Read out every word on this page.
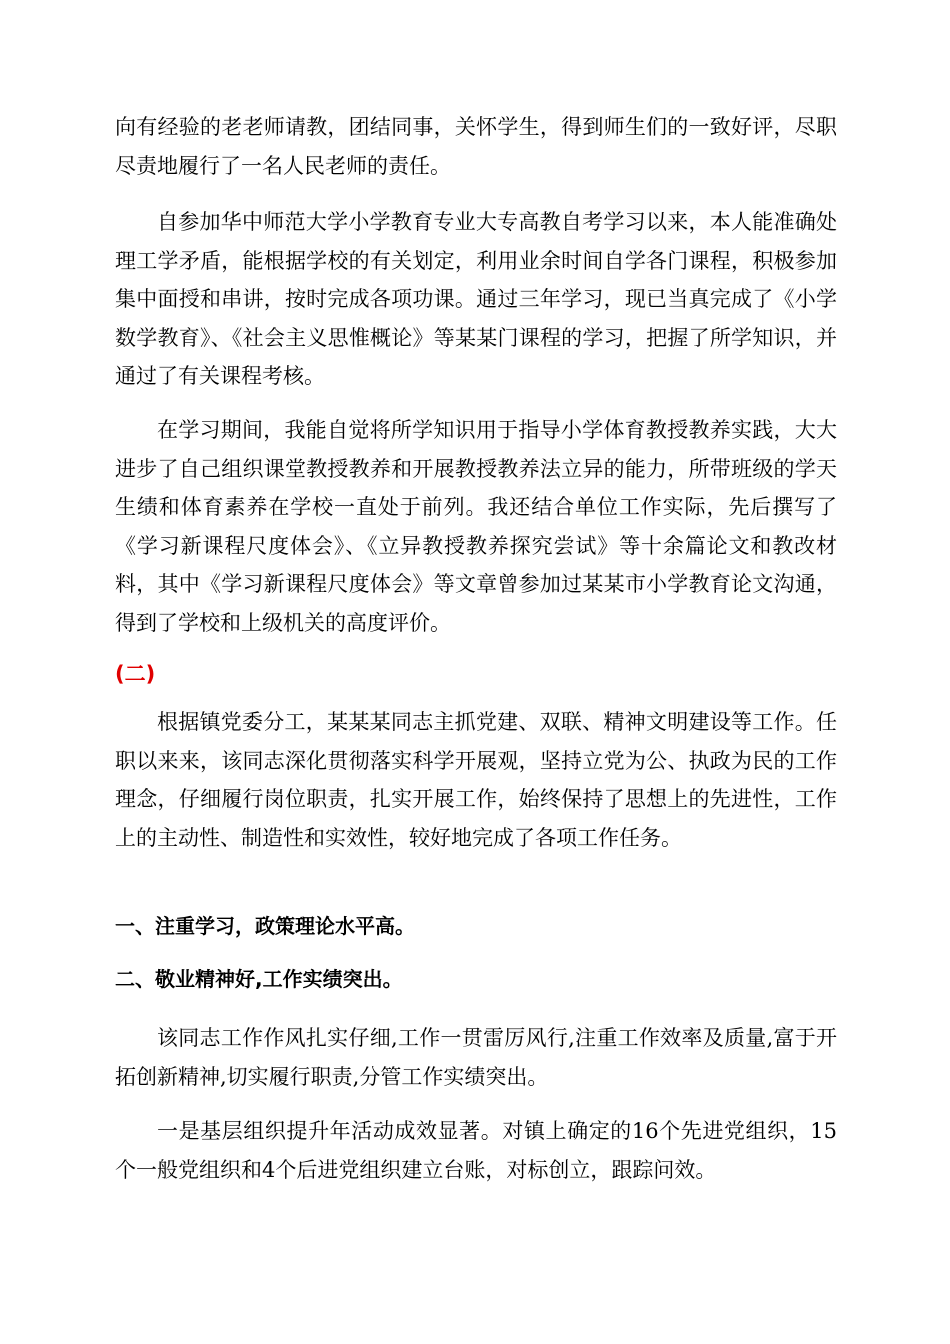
向有经验的老老师请教，团结同事，关怀学生，得到师生们的一致好评，尽职尽责地履行了一名人民老师的责任。

自参加华中师范大学小学教育专业大专高教自考学习以来，本人能准确处理工学矛盾，能根据学校的有关划定，利用业余时间自学各门课程，积极参加集中面授和串讲，按时完成各项功课。通过三年学习，现已当真完成了《小学数学教育》、《社会主义思惟概论》等某某门课程的学习，把握了所学知识，并通过了有关课程考核。

在学习期间，我能自觉将所学知识用于指导小学体育教授教养实践，大大进步了自己组织课堂教授教养和开展教授教养法立异的能力，所带班级的学天生绩和体育素养在学校一直处于前列。我还结合单位工作实际，先后撰写了《学习新课程尺度体会》、《立异教授教养探究尝试》等十余篇论文和教改材料，其中《学习新课程尺度体会》等文章曾参加过某某市小学教育论文沟通，得到了学校和上级机关的高度评价。

(二)

根据镇党委分工，某某某同志主抓党建、双联、精神文明建设等工作。任职以来来，该同志深化贯彻落实科学开展观，坚持立党为公、执政为民的工作理念，仔细履行岗位职责，扎实开展工作，始终保持了思想上的先进性，工作上的主动性、制造性和实效性，较好地完成了各项工作任务。

一、注重学习，政策理论水平高。

二、敬业精神好,工作实绩突出。

该同志工作作风扎实仔细,工作一贯雷厉风行,注重工作效率及质量,富于开拓创新精神,切实履行职责,分管工作实绩突出。

一是基层组织提升年活动成效显著。对镇上确定的16个先进党组织，15个一般党组织和4个后进党组织建立台账，对标创立，跟踪问效。
